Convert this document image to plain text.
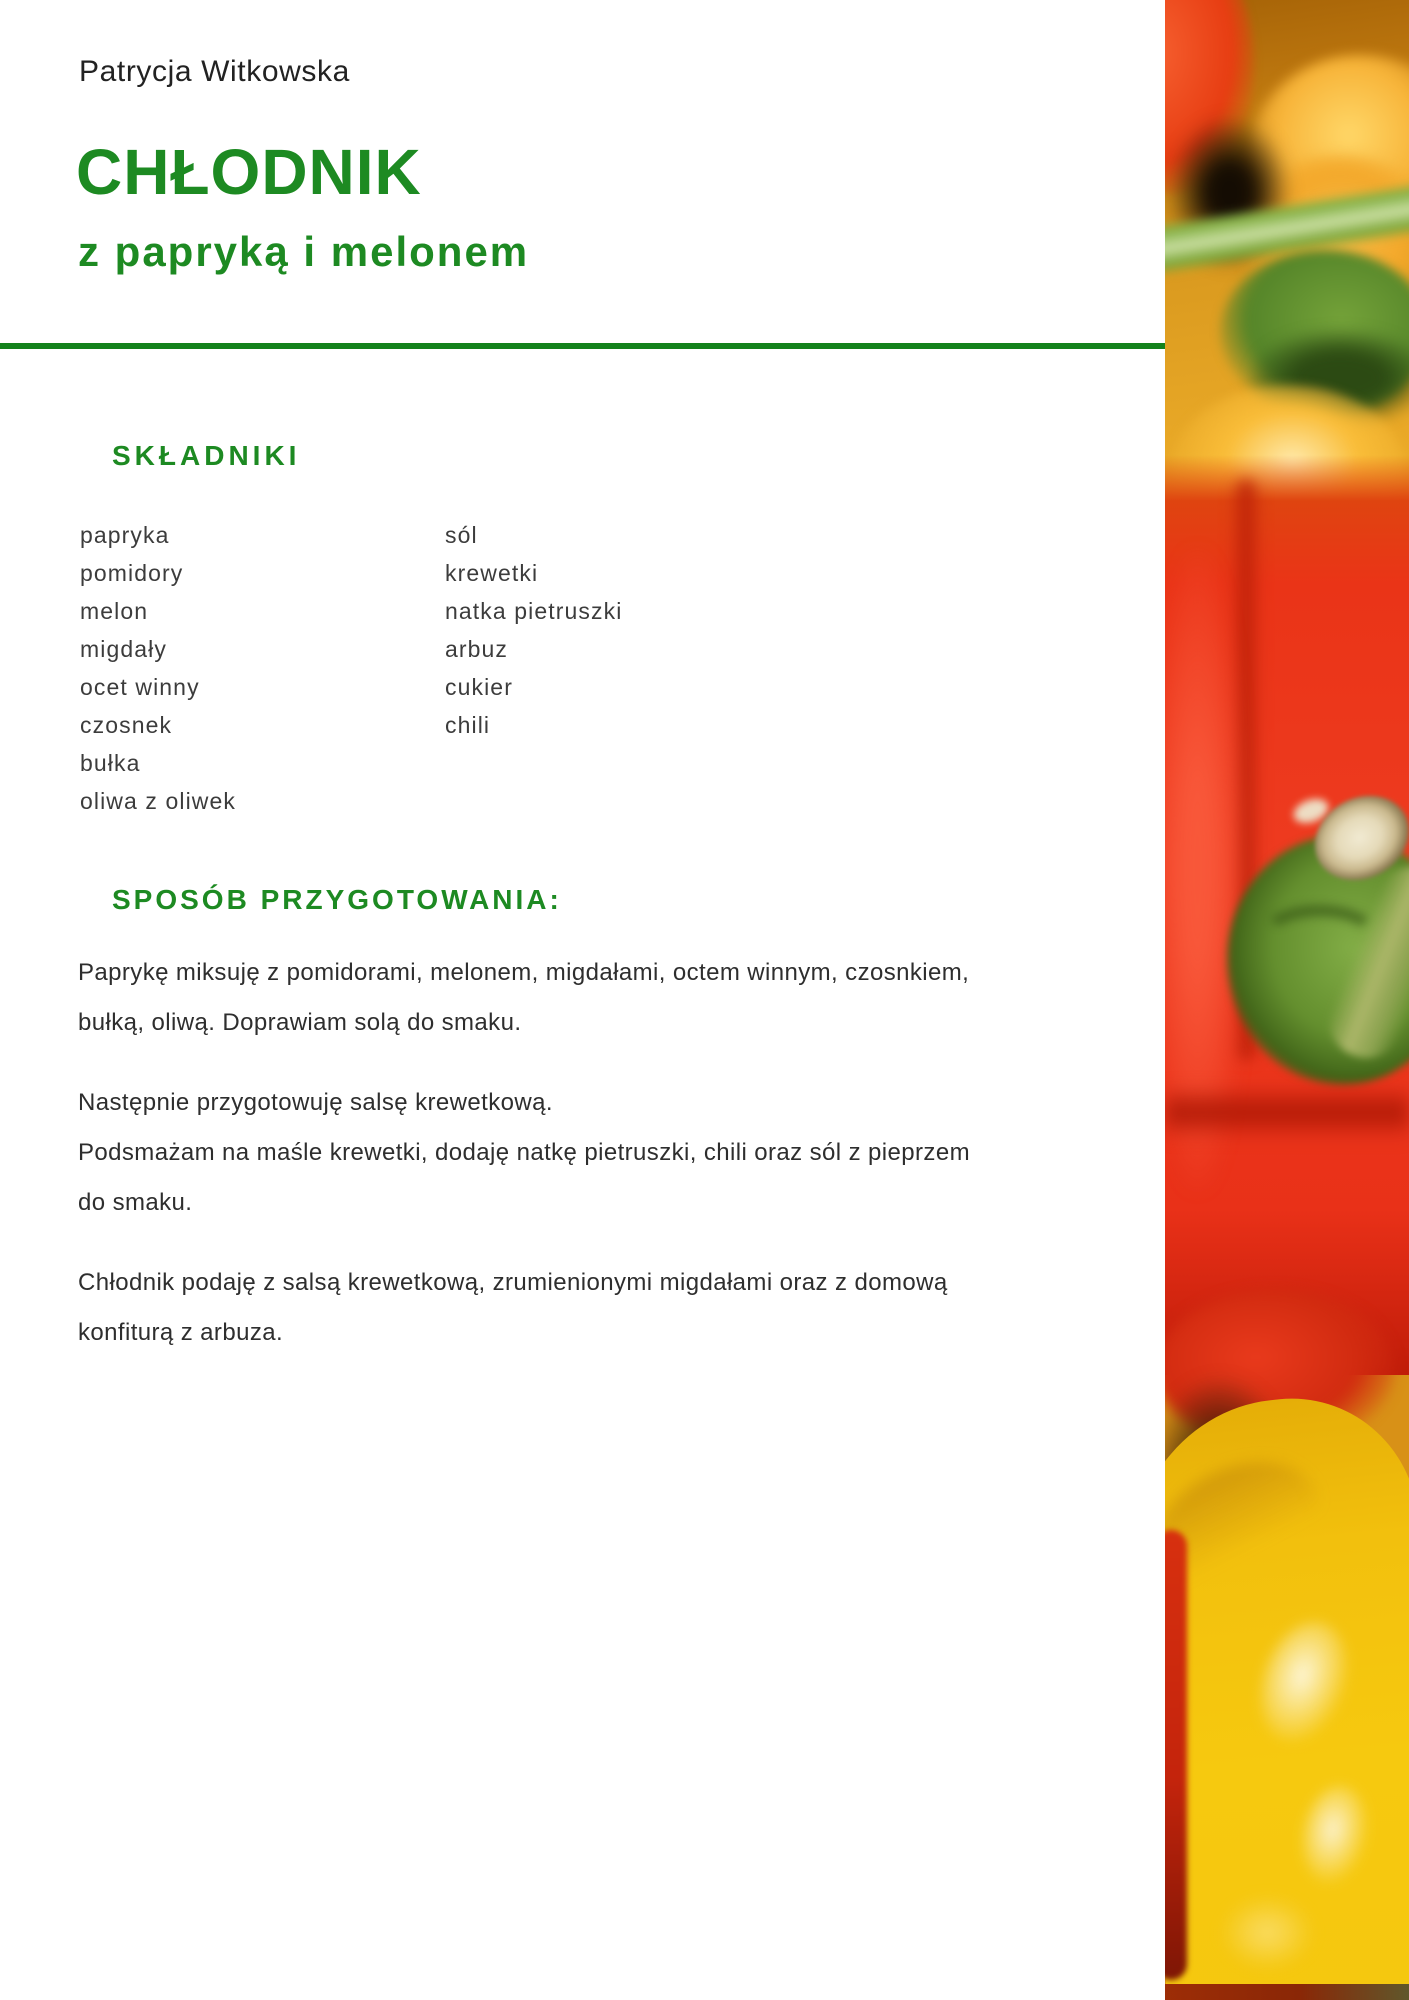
Patrycja Witkowska
CHŁODNIK
z papryką i melonem
SKŁADNIKI
papryka
pomidory
melon
migdały
ocet winny
czosnek
bułka
oliwa z oliwek
sól
krewetki
natka pietruszki
arbuz
cukier
chili
SPOSÓB PRZYGOTOWANIA:
Paprykę miksuję z pomidorami, melonem, migdałami, octem winnym, czosnkiem,
bułką, oliwą. Doprawiam solą do smaku.
Następnie przygotowuję salsę krewetkową.
Podsmażam na maśle krewetki, dodaję natkę pietruszki, chili oraz sól z pieprzem
do smaku.
Chłodnik podaję z salsą krewetkową, zrumienionymi migdałami oraz z domową
konfiturą z arbuza.
